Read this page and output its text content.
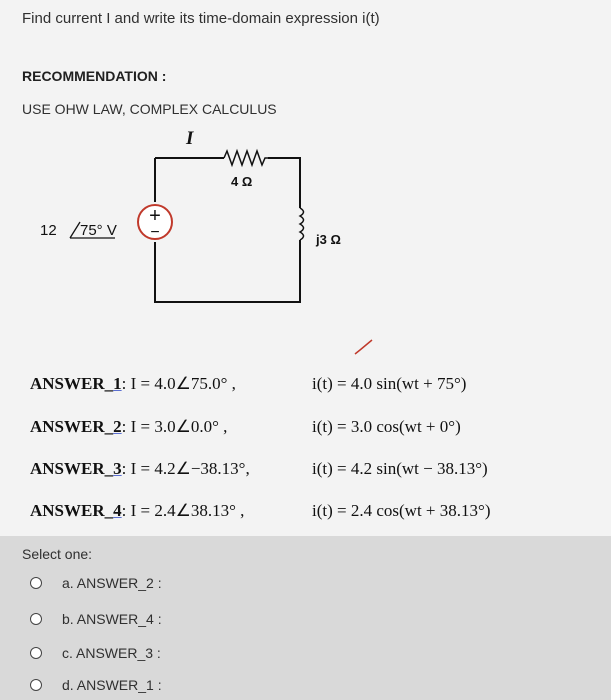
Find current I and write its time-domain expression i(t)
RECOMMENDATION :
USE OHW LAW, COMPLEX CALCULUS
+
−
I
4 Ω
j3 Ω
12 75° V
ANSWER_1: I = 4.0∠75.0° ,	i(t) = 4.0 sin(wt + 75°)
ANSWER_2: I = 3.0∠0.0° ,	i(t) = 3.0 cos(wt + 0°)
ANSWER_3: I = 4.2∠−38.13°,	i(t) = 4.2 sin(wt − 38.13°)
ANSWER_4: I = 2.4∠38.13° ,	i(t) = 2.4 cos(wt + 38.13°)
Select one:
a. ANSWER_2 :
b. ANSWER_4 :
c. ANSWER_3 :
d. ANSWER_1 :
